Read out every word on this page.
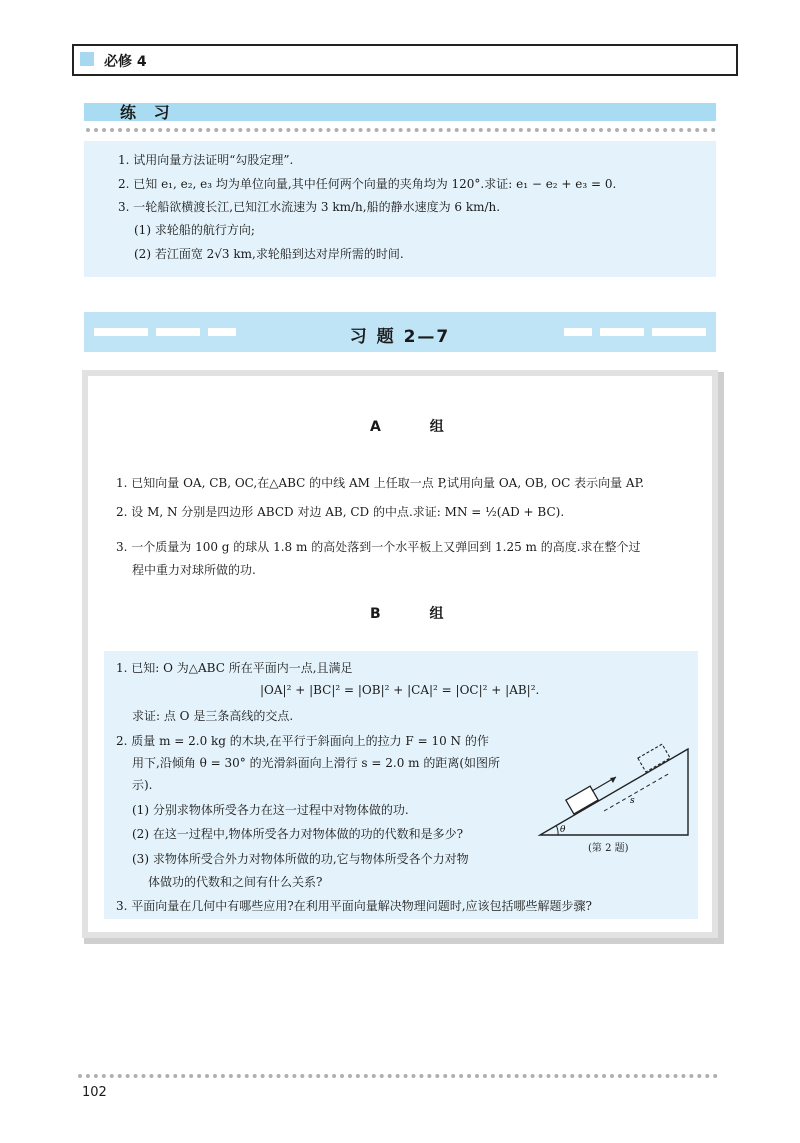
必修 4
练 习
1. 试用向量方法证明“勾股定理”.
2. 已知 e₁, e₂, e₃ 均为单位向量,其中任何两个向量的夹角均为 120°.求证: e₁ − e₂ + e₃ = 0.
3. 一轮船欲横渡长江,已知江水流速为 3 km/h,船的静水速度为 6 km/h.
(1) 求轮船的航行方向;
(2) 若江面宽 2√3 km,求轮船到达对岸所需的时间.
习 题 2—7
A 组
1. 已知向量 OA, CB, OC,在△ABC 的中线 AM 上任取一点 P,试用向量 OA, OB, OC 表示向量 AP.
2. 设 M, N 分别是四边形 ABCD 对边 AB, CD 的中点.求证: MN = ½(AD + BC).
3. 一个质量为 100 g 的球从 1.8 m 的高处落到一个水平板上又弹回到 1.25 m 的高度.求在整个过
程中重力对球所做的功.
B 组
1. 已知: O 为△ABC 所在平面内一点,且满足
|OA|² + |BC|² = |OB|² + |CA|² = |OC|² + |AB|².
求证: 点 O 是三条高线的交点.
2. 质量 m = 2.0 kg 的木块,在平行于斜面向上的拉力 F = 10 N 的作
用下,沿倾角 θ = 30° 的光滑斜面向上滑行 s = 2.0 m 的距离(如图所
示).
(1) 分别求物体所受各力在这一过程中对物体做的功.
(2) 在这一过程中,物体所受各力对物体做的功的代数和是多少?
(3) 求物体所受合外力对物体所做的功,它与物体所受各个力对物
体做功的代数和之间有什么关系?
3. 平面向量在几何中有哪些应用?在利用平面向量解决物理问题时,应该包括哪些解题步骤?
s
θ
(第 2 题)
102
